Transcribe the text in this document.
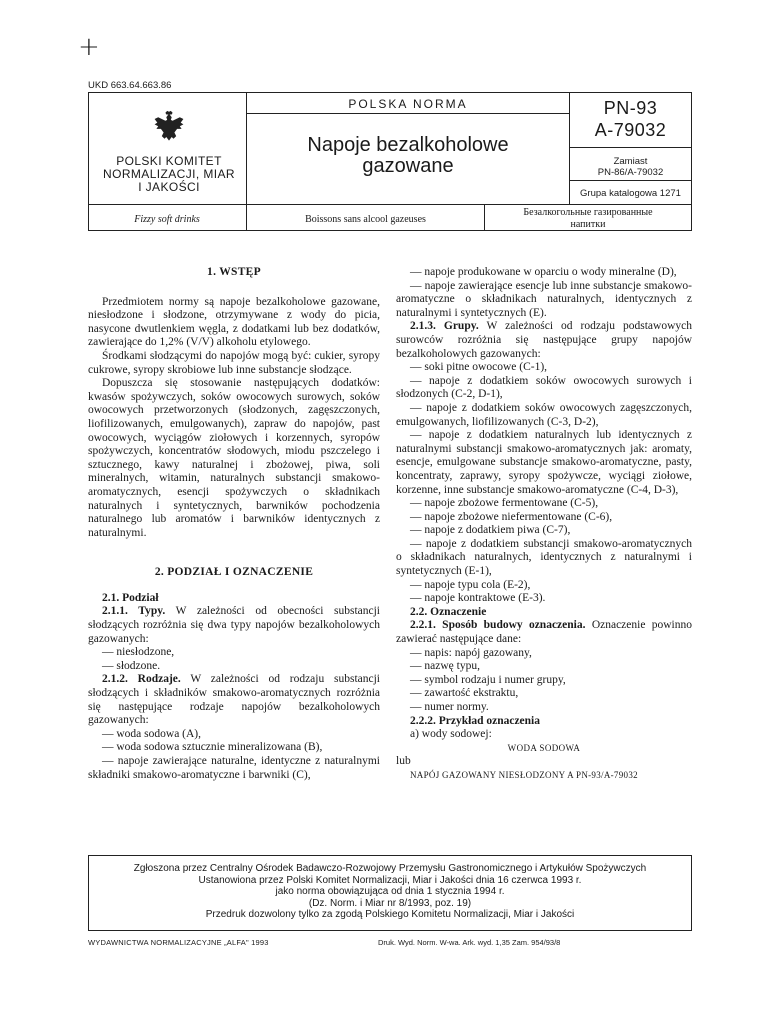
+
UKD 663.64.663.86
POLSKI KOMITET
NORMALIZACJI, MIAR
I JAKOŚCI
POLSKA NORMA
Napoje bezalkoholowe
gazowane
PN-93
A-79032
Zamiast
PN-86/A-79032
Grupa katalogowa 1271
Fizzy soft drinks	Boissons sans alcool gazeuses
Безалкогольные газированные
напитки

1. WSTĘP

Przedmiotem normy są napoje bezalkoholowe gazowane, niesłodzone i słodzone, otrzymywane z wody do picia, nasycone dwutlenkiem węgla, z dodatkami lub bez dodatków, zawierające do 1,2% (V/V) alkoholu etylowego.

Środkami słodzącymi do napojów mogą być: cukier, syropy cukrowe, syropy skrobiowe lub inne substancje słodzące.

Dopuszcza się stosowanie następujących dodatków: kwasów spożywczych, soków owocowych surowych, soków owocowych przetworzonych (słodzonych, zagęszczonych, liofilizowanych, emulgowanych), zapraw do napojów, past owocowych, wyciągów ziołowych i korzennych, syropów spożywczych, koncentratów słodowych, miodu pszczelego i sztucznego, kawy naturalnej i zbożowej, piwa, soli mineralnych, witamin, naturalnych substancji smakowo-aromatycznych, esencji spożywczych o składnikach naturalnych i syntetycznych, barwników pochodzenia naturalnego lub aromatów i barwników identycznych z naturalnymi.

2. PODZIAŁ I OZNACZENIE

2.1. Podział

2.1.1. Typy. W zależności od obecności substancji słodzących rozróżnia się dwa typy napojów bezalkoholowych gazowanych:

— niesłodzone,

— słodzone.

2.1.2. Rodzaje. W zależności od rodzaju substancji słodzących i składników smakowo-aromatycznych rozróżnia się następujące rodzaje napojów bezalkoholowych gazowanych:

— woda sodowa (A),

— woda sodowa sztucznie mineralizowana (B),

— napoje zawierające naturalne, identyczne z naturalnymi składniki smakowo-aromatyczne i barwniki (C),

— napoje produkowane w oparciu o wody mineralne (D),

— napoje zawierające esencje lub inne substancje smakowo-aromatyczne o składnikach naturalnych, identycznych z naturalnymi i syntetycznych (E).

2.1.3. Grupy. W zależności od rodzaju podstawowych surowców rozróżnia się następujące grupy napojów bezalkoholowych gazowanych:

— soki pitne owocowe (C-1),

— napoje z dodatkiem soków owocowych surowych i słodzonych (C-2, D-1),

— napoje z dodatkiem soków owocowych zagęszczonych, emulgowanych, liofilizowanych (C-3, D-2),

— napoje z dodatkiem naturalnych lub identycznych z naturalnymi substancji smakowo-aromatycznych jak: aromaty, esencje, emulgowane substancje smakowo-aromatyczne, pasty, koncentraty, zaprawy, syropy spożywcze, wyciągi ziołowe, korzenne, inne substancje smakowo-aromatyczne (C-4, D-3),

— napoje zbożowe fermentowane (C-5),

— napoje zbożowe niefermentowane (C-6),

— napoje z dodatkiem piwa (C-7),

— napoje z dodatkiem substancji smakowo-aromatycznych o składnikach naturalnych, identycznych z naturalnymi i syntetycznych (E-1),

— napoje typu cola (E-2),

— napoje kontraktowe (E-3).

2.2. Oznaczenie

2.2.1. Sposób budowy oznaczenia. Oznaczenie powinno zawierać następujące dane:

— napis: napój gazowany,

— nazwę typu,

— symbol rodzaju i numer grupy,

— zawartość ekstraktu,

— numer normy.

2.2.2. Przykład oznaczenia

a) wody sodowej:

WODA SODOWA

lub

NAPÓJ GAZOWANY NIESŁODZONY A PN-93/A-79032

Zgłoszona przez Centralny Ośrodek Badawczo-Rozwojowy Przemysłu Gastronomicznego i Artykułów Spożywczych
Ustanowiona przez Polski Komitet Normalizacji, Miar i Jakości dnia 16 czerwca 1993 r.
jako norma obowiązująca od dnia 1 stycznia 1994 r.
(Dz. Norm. i Miar nr 8/1993, poz. 19)
Przedruk dozwolony tylko za zgodą Polskiego Komitetu Normalizacji, Miar i Jakości
WYDAWNICTWA NORMALIZACYJNE „ALFA" 1993	Druk. Wyd. Norm. W-wa. Ark. wyd. 1,35 Zam. 954/93/8
